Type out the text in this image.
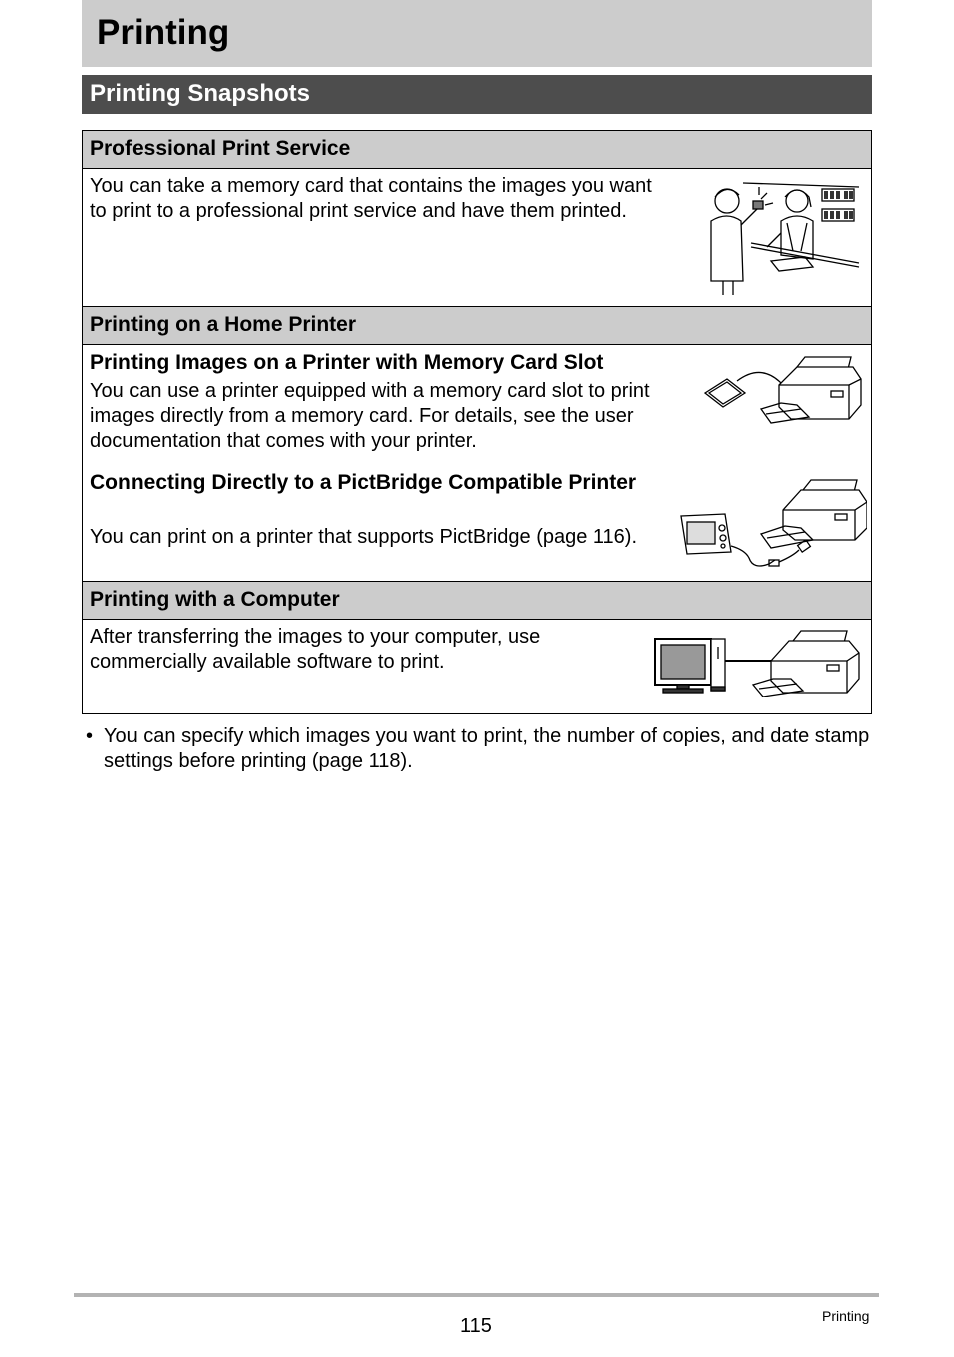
Printing
Printing Snapshots
Professional Print Service
You can take a memory card that contains the images you want to print to a professional print service and have them printed.
Printing on a Home Printer
Printing Images on a Printer with Memory Card Slot
You can use a printer equipped with a memory card slot to print images directly from a memory card. For details, see the user documentation that comes with your printer.
Connecting Directly to a PictBridge Compatible Printer
You can print on a printer that supports PictBridge (page 116).
Printing with a Computer
After transferring the images to your computer, use commercially available software to print.
• You can specify which images you want to print, the number of copies, and date stamp settings before printing (page 118).
115	Printing
